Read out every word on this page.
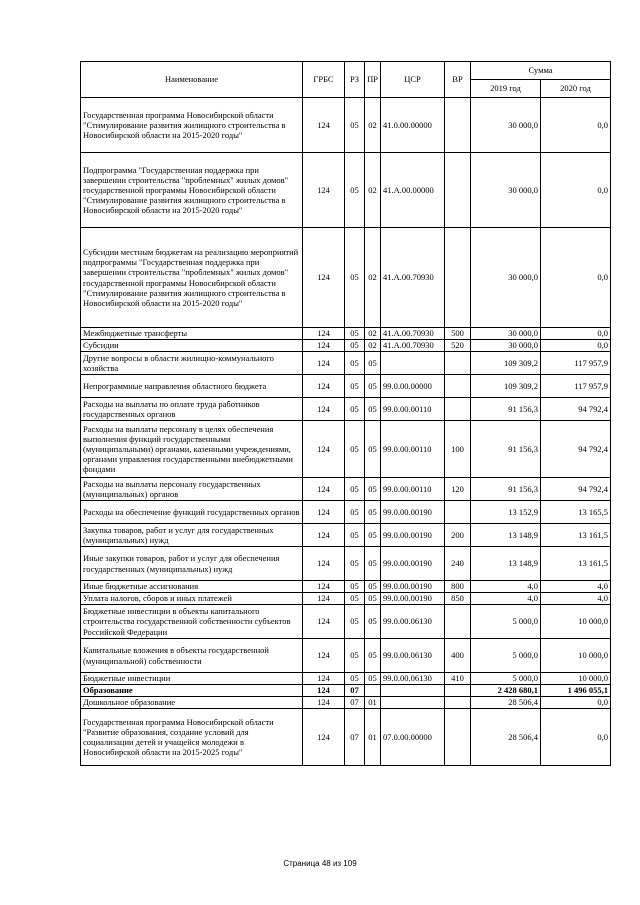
Наименование	ГРБС	РЗ	ПР	ЦСР	ВР	Сумма	
						2019 год	2020 год
Государственная программа Новосибирской области "Стимулирование развития жилищного строительства в Новосибирской области на 2015-2020 годы"	124	05	02	41.0.00.00000		30 000,0	0,0
Подпрограмма "Государственная поддержка при завершении строительства "проблемных" жилых домов" государственной программы Новосибирской области "Стимулирование развития жилищного строительства в Новосибирской области на 2015-2020 годы"	124	05	02	41.А.00.00000		30 000,0	0,0
Субсидии местным бюджетам на реализацию мероприятий подпрограммы "Государственная поддержка при завершении строительства "проблемных" жилых домов" государственной программы Новосибирской области "Стимулирование развития жилищного строительства в Новосибирской области на 2015-2020 годы"	124	05	02	41.А.00.70930		30 000,0	0,0
Межбюджетные трансферты	124	05	02	41.А.00.70930	500	30 000,0	0,0
Субсидии	124	05	02	41.А.00.70930	520	30 000,0	0,0
Другие вопросы в области жилищно-коммунального хозяйства	124	05	05			109 309,2	117 957,9
Непрограммные направления областного бюджета	124	05	05	99.0.00.00000		109 309,2	117 957,9
Расходы на выплаты по оплате труда работников государственных органов	124	05	05	99.0.00.00110		91 156,3	94 792,4
Расходы на выплаты персоналу в целях обеспечения выполнения функций государственными (муниципальными) органами, казенными учреждениями, органами управления государственными внебюджетными фондами	124	05	05	99.0.00.00110	100	91 156,3	94 792,4
Расходы на выплаты персоналу государственных (муниципальных) органов	124	05	05	99.0.00.00110	120	91 156,3	94 792,4
Расходы на обеспечение функций государственных органов	124	05	05	99.0.00.00190		13 152,9	13 165,5
Закупка товаров, работ и услуг для государственных (муниципальных) нужд	124	05	05	99.0.00.00190	200	13 148,9	13 161,5
Иные закупки товаров, работ и услуг для обеспечения государственных (муниципальных) нужд	124	05	05	99.0.00.00190	240	13 148,9	13 161,5
Иные бюджетные ассигнования	124	05	05	99.0.00.00190	800	4,0	4,0
Уплата налогов, сборов и иных платежей	124	05	05	99.0.00.00190	850	4,0	4,0
Бюджетные инвестиции в объекты капитального строительства государственной собственности субъектов Российской Федерации	124	05	05	99.0.00.06130		5 000,0	10 000,0
Капитальные вложения в объекты государственной (муниципальной) собственности	124	05	05	99.0.00.06130	400	5 000,0	10 000,0
Бюджетные инвестиции	124	05	05	99.0.00.06130	410	5 000,0	10 000,0
Образование	124	07				2 428 680,1	1 496 055,1
Дошкольное образование	124	07	01			28 506,4	0,0
Государственная программа Новосибирской области "Развитие образования, создание условий для социализации детей и учащейся молодежи в Новосибирской области на 2015-2025 годы"	124	07	01	07.0.00.00000		28 506,4	0,0
Страница 48 из 109
